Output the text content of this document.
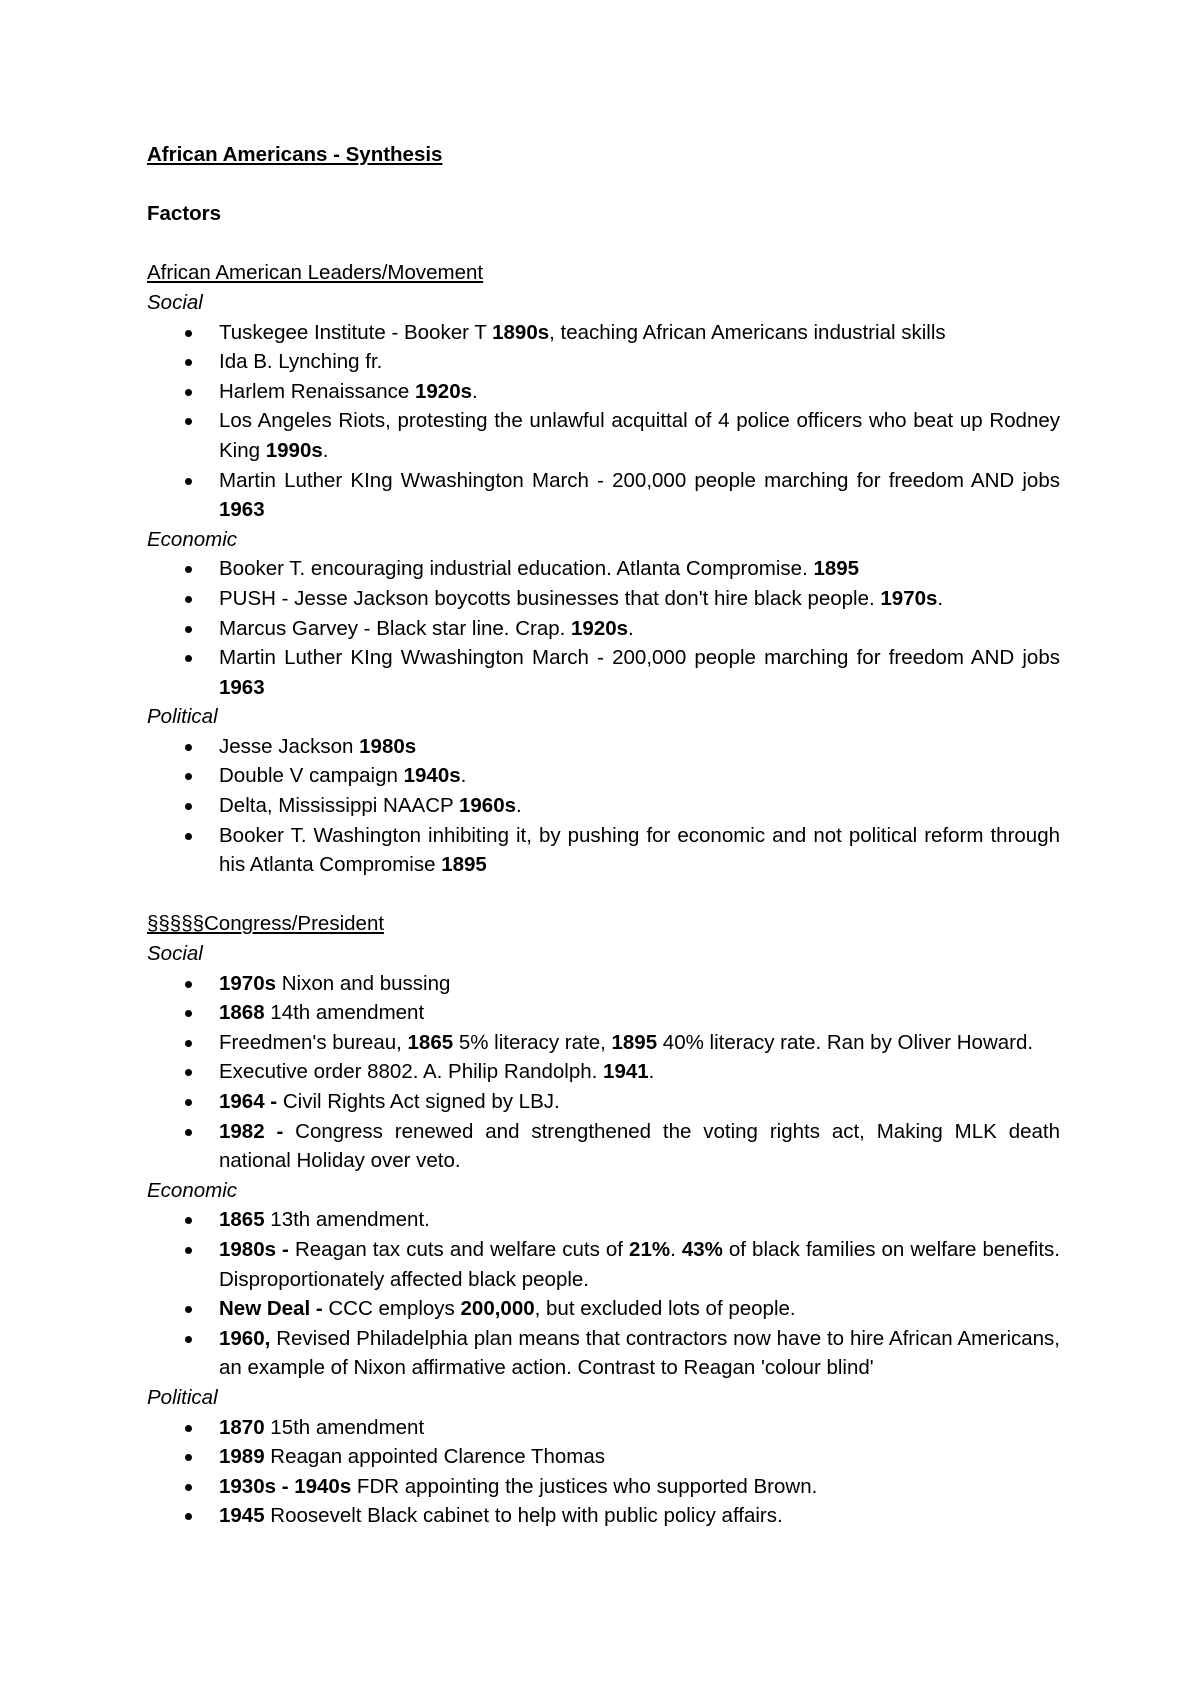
African Americans - Synthesis

Factors

African American Leaders/Movement

Social

Tuskegee Institute - Booker T 1890s, teaching African Americans industrial skills
Ida B. Lynching fr.
Harlem Renaissance 1920s.
Los Angeles Riots, protesting the unlawful acquittal of 4 police officers who beat up Rodney King 1990s.
Martin Luther KIng Wwashington March - 200,000 people marching for freedom AND jobs 1963

Economic

Booker T. encouraging industrial education. Atlanta Compromise. 1895
PUSH - Jesse Jackson boycotts businesses that don't hire black people. 1970s.
Marcus Garvey - Black star line. Crap. 1920s.
Martin Luther KIng Wwashington March - 200,000 people marching for freedom AND jobs 1963

Political

Jesse Jackson 1980s
Double V campaign 1940s.
Delta, Mississippi NAACP 1960s.
Booker T. Washington inhibiting it, by pushing for economic and not political reform through his Atlanta Compromise 1895

§§§§§Congress/President

Social

1970s Nixon and bussing
1868 14th amendment
Freedmen's bureau, 1865 5% literacy rate, 1895 40% literacy rate. Ran by Oliver Howard.
Executive order 8802. A. Philip Randolph. 1941.
1964 - Civil Rights Act signed by LBJ.
1982 - Congress renewed and strengthened the voting rights act, Making MLK death national Holiday over veto.

Economic

1865 13th amendment.
1980s - Reagan tax cuts and welfare cuts of 21%. 43% of black families on welfare benefits. Disproportionately affected black people.
New Deal - CCC employs 200,000, but excluded lots of people.
1960, Revised Philadelphia plan means that contractors now have to hire African Americans, an example of Nixon affirmative action. Contrast to Reagan 'colour blind'

Political

1870 15th amendment
1989 Reagan appointed Clarence Thomas
1930s - 1940s FDR appointing the justices who supported Brown.
1945 Roosevelt Black cabinet to help with public policy affairs.
